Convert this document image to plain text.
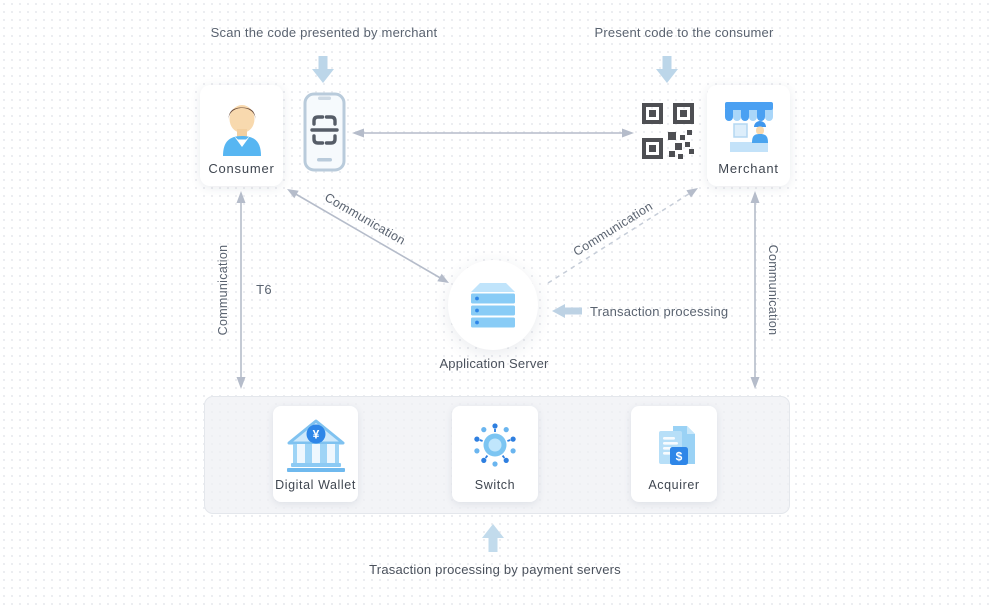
Scan the code presented by merchant	Present code to the consumer
Consumer	Merchant
Communication	T6
Communication
Application Server
Communication
Transaction processing	Communication
¥
Digital Wallet	Switch
$
Acquirer
Trasaction processing by payment servers
